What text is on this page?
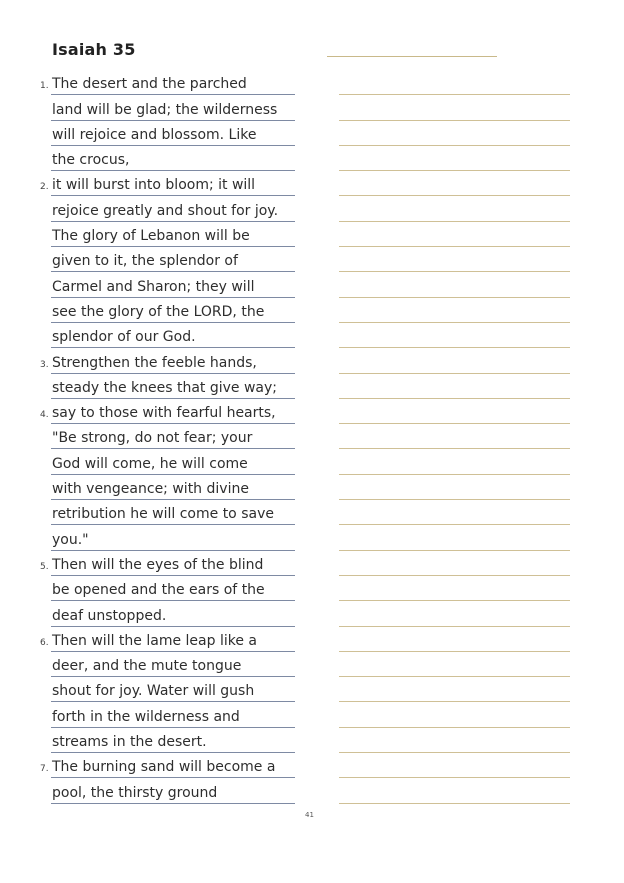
Isaiah 35
1. The desert and the parched
land will be glad; the wilderness
will rejoice and blossom. Like
the crocus,
2. it will burst into bloom; it will
rejoice greatly and shout for joy.
The glory of Lebanon will be
given to it, the splendor of
Carmel and Sharon; they will
see the glory of the LORD, the
splendor of our God.
3. Strengthen the feeble hands,
steady the knees that give way;
4. say to those with fearful hearts,
"Be strong, do not fear; your
God will come, he will come
with vengeance; with divine
retribution he will come to save
you."
5. Then will the eyes of the blind
be opened and the ears of the
deaf unstopped.
6. Then will the lame leap like a
deer, and the mute tongue
shout for joy. Water will gush
forth in the wilderness and
streams in the desert.
7. The burning sand will become a
pool, the thirsty ground
41
